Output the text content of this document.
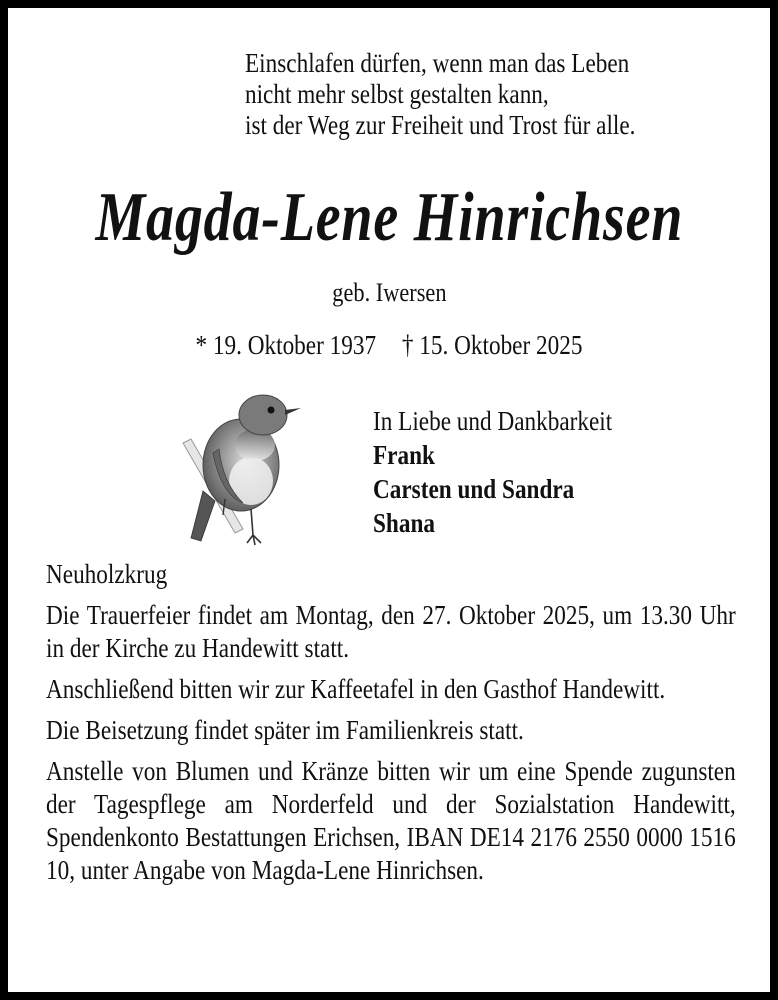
Einschlafen dürfen, wenn man das Leben
nicht mehr selbst gestalten kann,
ist der Weg zur Freiheit und Trost für alle.
Magda-Lene Hinrichsen
geb. Iwersen
* 19. Oktober 1937 † 15. Oktober 2025
In Liebe und Dankbarkeit
Frank
Carsten und Sandra
Shana

Neuholzkrug

Die Trauerfeier findet am Montag, den 27. Oktober 2025, um 13.30 Uhr in der Kirche zu Handewitt statt.

Anschließend bitten wir zur Kaffeetafel in den Gasthof Handewitt.

Die Beisetzung findet später im Familienkreis statt.

Anstelle von Blumen und Kränze bitten wir um eine Spende zugunsten der Tagespflege am Norderfeld und der Sozialstation Handewitt, Spendenkonto Bestattungen Erichsen, IBAN DE14 2176 2550 0000 1516 10, unter Angabe von Magda-Lene Hinrichsen.
